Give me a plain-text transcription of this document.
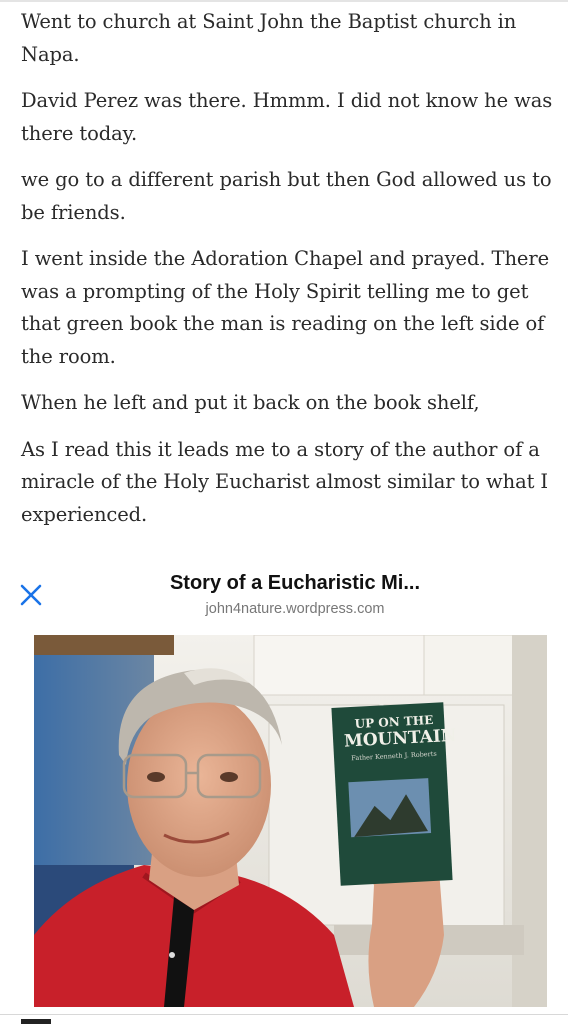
Went to church at Saint John the Baptist church in Napa.

David Perez was there. Hmmm. I did not know he was there today.

we go to a different parish but then God allowed us to be friends.

I went inside the Adoration Chapel and prayed. There was a prompting of the Holy Spirit telling me to get that green book the man is reading on the left side of the room.

When he left and put it back on the book shelf,

As I read this it leads me to a story of the author of a miracle of the Holy Eucharist almost similar to what I experienced.

Story of a Eucharistic Mi...
john4nature.wordpress.com
UP ON THE
MOUNTAIN
Father Kenneth J. Roberts
